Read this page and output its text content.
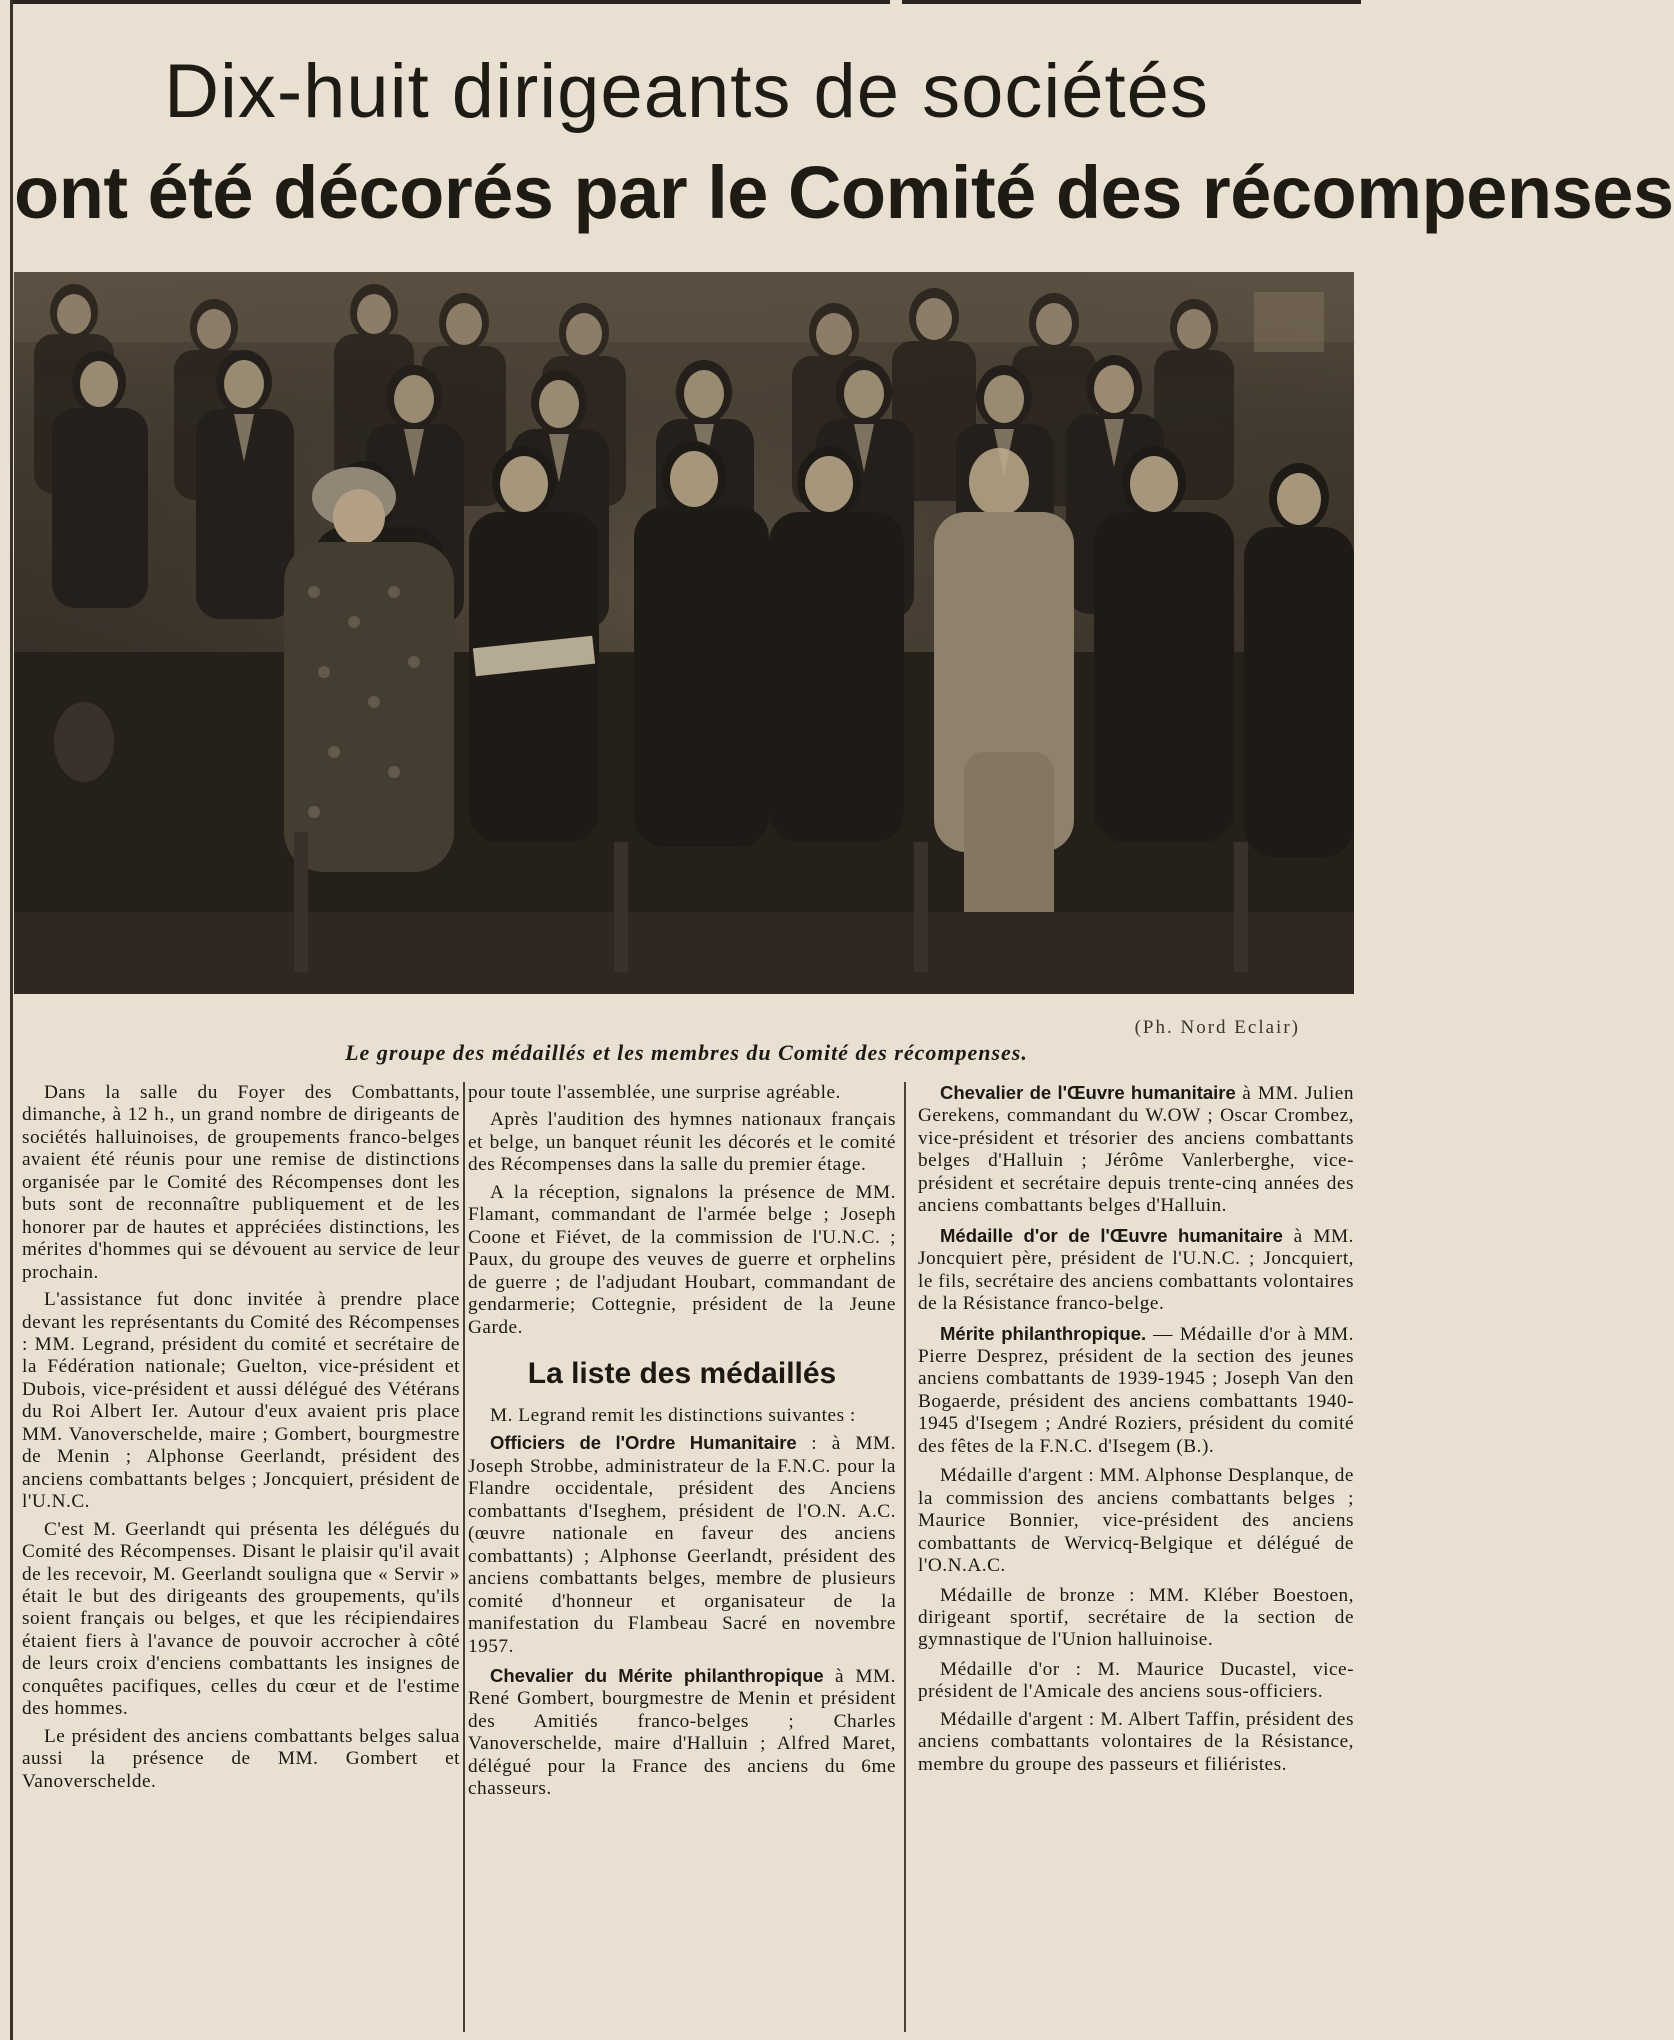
Dix-huit dirigeants de sociétés
ont été décorés par le Comité des récompenses
(Ph. Nord Eclair)
Le groupe des médaillés et les membres du Comité des récompenses.

Dans la salle du Foyer des Combattants, dimanche, à 12 h., un grand nombre de dirigeants de sociétés halluinoises, de groupements franco-belges avaient été réunis pour une remise de distinctions organisée par le Comité des Récompenses dont les buts sont de reconnaître publiquement et de les honorer par de hautes et appréciées distinctions, les mérites d'hommes qui se dévouent au service de leur prochain.

L'assistance fut donc invitée à prendre place devant les représentants du Comité des Récompenses : MM. Legrand, président du comité et secrétaire de la Fédération nationale; Guelton, vice-président et Dubois, vice-président et aussi délégué des Vétérans du Roi Albert Ier. Autour d'eux avaient pris place MM. Vanoverschelde, maire ; Gombert, bourgmestre de Menin ; Alphonse Geerlandt, président des anciens combattants belges ; Joncquiert, président de l'U.N.C.

C'est M. Geerlandt qui présenta les délégués du Comité des Récompenses. Disant le plaisir qu'il avait de les recevoir, M. Geerlandt souligna que « Servir » était le but des dirigeants des groupements, qu'ils soient français ou belges, et que les récipiendaires étaient fiers à l'avance de pouvoir accrocher à côté de leurs croix d'enciens combattants les insignes de conquêtes pacifiques, celles du cœur et de l'estime des hommes.

Le président des anciens combattants belges salua aussi la présence de MM. Gombert et Vanoverschelde.

pour toute l'assemblée, une surprise agréable.

Après l'audition des hymnes nationaux français et belge, un banquet réunit les décorés et le comité des Récompenses dans la salle du premier étage.

A la réception, signalons la présence de MM. Flamant, commandant de l'armée belge ; Joseph Coone et Fiévet, de la commission de l'U.N.C. ; Paux, du groupe des veuves de guerre et orphelins de guerre ; de l'adjudant Houbart, commandant de gendarmerie; Cottegnie, président de la Jeune Garde.

La liste des médaillés

M. Legrand remit les distinctions suivantes :

Officiers de l'Ordre Humanitaire : à MM. Joseph Strobbe, administrateur de la F.N.C. pour la Flandre occidentale, président des Anciens combattants d'Iseghem, président de l'O.N. A.C. (œuvre nationale en faveur des anciens combattants) ; Alphonse Geerlandt, président des anciens combattants belges, membre de plusieurs comité d'honneur et organisateur de la manifestation du Flambeau Sacré en novembre 1957.

Chevalier du Mérite philanthropique à MM. René Gombert, bourgmestre de Menin et président des Amitiés franco-belges ; Charles Vanoverschelde, maire d'Halluin ; Alfred Maret, délégué pour la France des anciens du 6me chasseurs.

Chevalier de l'Œuvre humanitaire à MM. Julien Gerekens, commandant du W.OW ; Oscar Crombez, vice-président et trésorier des anciens combattants belges d'Halluin ; Jérôme Vanlerberghe, vice-président et secrétaire depuis trente-cinq années des anciens combattants belges d'Halluin.

Médaille d'or de l'Œuvre humanitaire à MM. Joncquiert père, président de l'U.N.C. ; Joncquiert, le fils, secrétaire des anciens combattants volontaires de la Résistance franco-belge.

Mérite philanthropique. — Médaille d'or à MM. Pierre Desprez, président de la section des jeunes anciens combattants de 1939-1945 ; Joseph Van den Bogaerde, président des anciens combattants 1940-1945 d'Isegem ; André Roziers, président du comité des fêtes de la F.N.C. d'Isegem (B.).

Médaille d'argent : MM. Alphonse Desplanque, de la commission des anciens combattants belges ; Maurice Bonnier, vice-président des anciens combattants de Wervicq-Belgique et délégué de l'O.N.A.C.

Médaille de bronze : MM. Kléber Boestoen, dirigeant sportif, secrétaire de la section de gymnastique de l'Union halluinoise.

Médaille d'or : M. Maurice Ducastel, vice-président de l'Amicale des anciens sous-officiers.

Médaille d'argent : M. Albert Taffin, président des anciens combattants volontaires de la Résistance, membre du groupe des passeurs et filiéristes.
